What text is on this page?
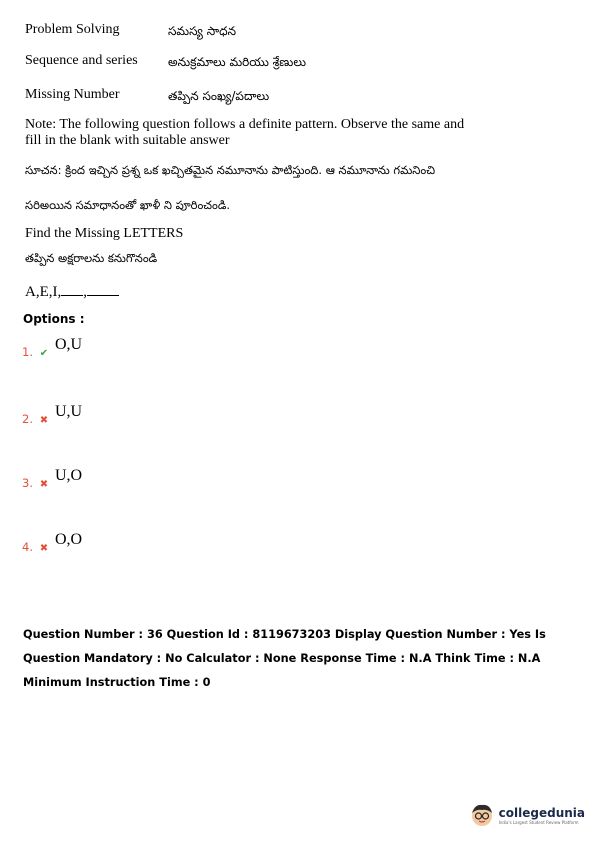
Problem Solving	సమస్య సాధన
Sequence and series	అనుక్రమాలు మరియు శ్రేణులు
Missing Number	తప్పిన సంఖ్య/పదాలు
Note: The following question follows a definite pattern. Observe the same and fill in the blank with suitable answer
సూచన: క్రింద ఇచ్చిన ప్రశ్న ఒక ఖచ్చితమైన నమూనాను పాటిస్తుంది. ఆ నమూనాను గమనించి
సరిఅయిన సమాధానంతో ఖాళీ ని పూరించండి.
Find the Missing LETTERS
తప్పిన అక్షరాలను కనుగొనండి
A,E,I, ,
Options :
1. ✔ O,U
2. ✖ U,U
3. ✖ U,O
4. ✖ O,O
Question Number : 36 Question Id : 8119673203 Display Question Number : Yes Is Question Mandatory : No Calculator : None Response Time : N.A Think Time : N.A Minimum Instruction Time : 0
collegedunia
India's Largest Student Review Platform
